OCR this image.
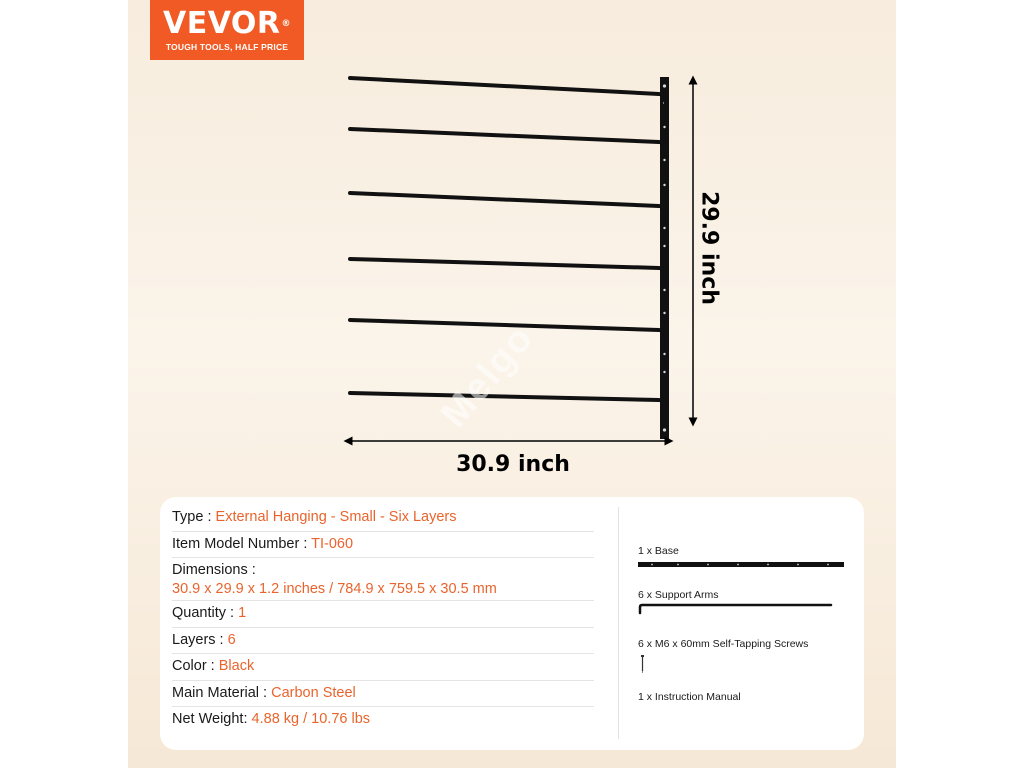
VEVOR®
TOUGH TOOLS, HALF PRICE
30.9 inch
29.9 inch
Melgo
Type : External Hanging - Small - Six Layers
Item Model Number : TI-060
Dimensions :
30.9 x 29.9 x 1.2 inches / 784.9 x 759.5 x 30.5 mm
Quantity : 1
Layers : 6
Color : Black
Main Material : Carbon Steel
Net Weight: 4.88 kg / 10.76 lbs
1 x Base
6 x Support Arms
6 x M6 x 60mm Self-Tapping Screws
1 x Instruction Manual
